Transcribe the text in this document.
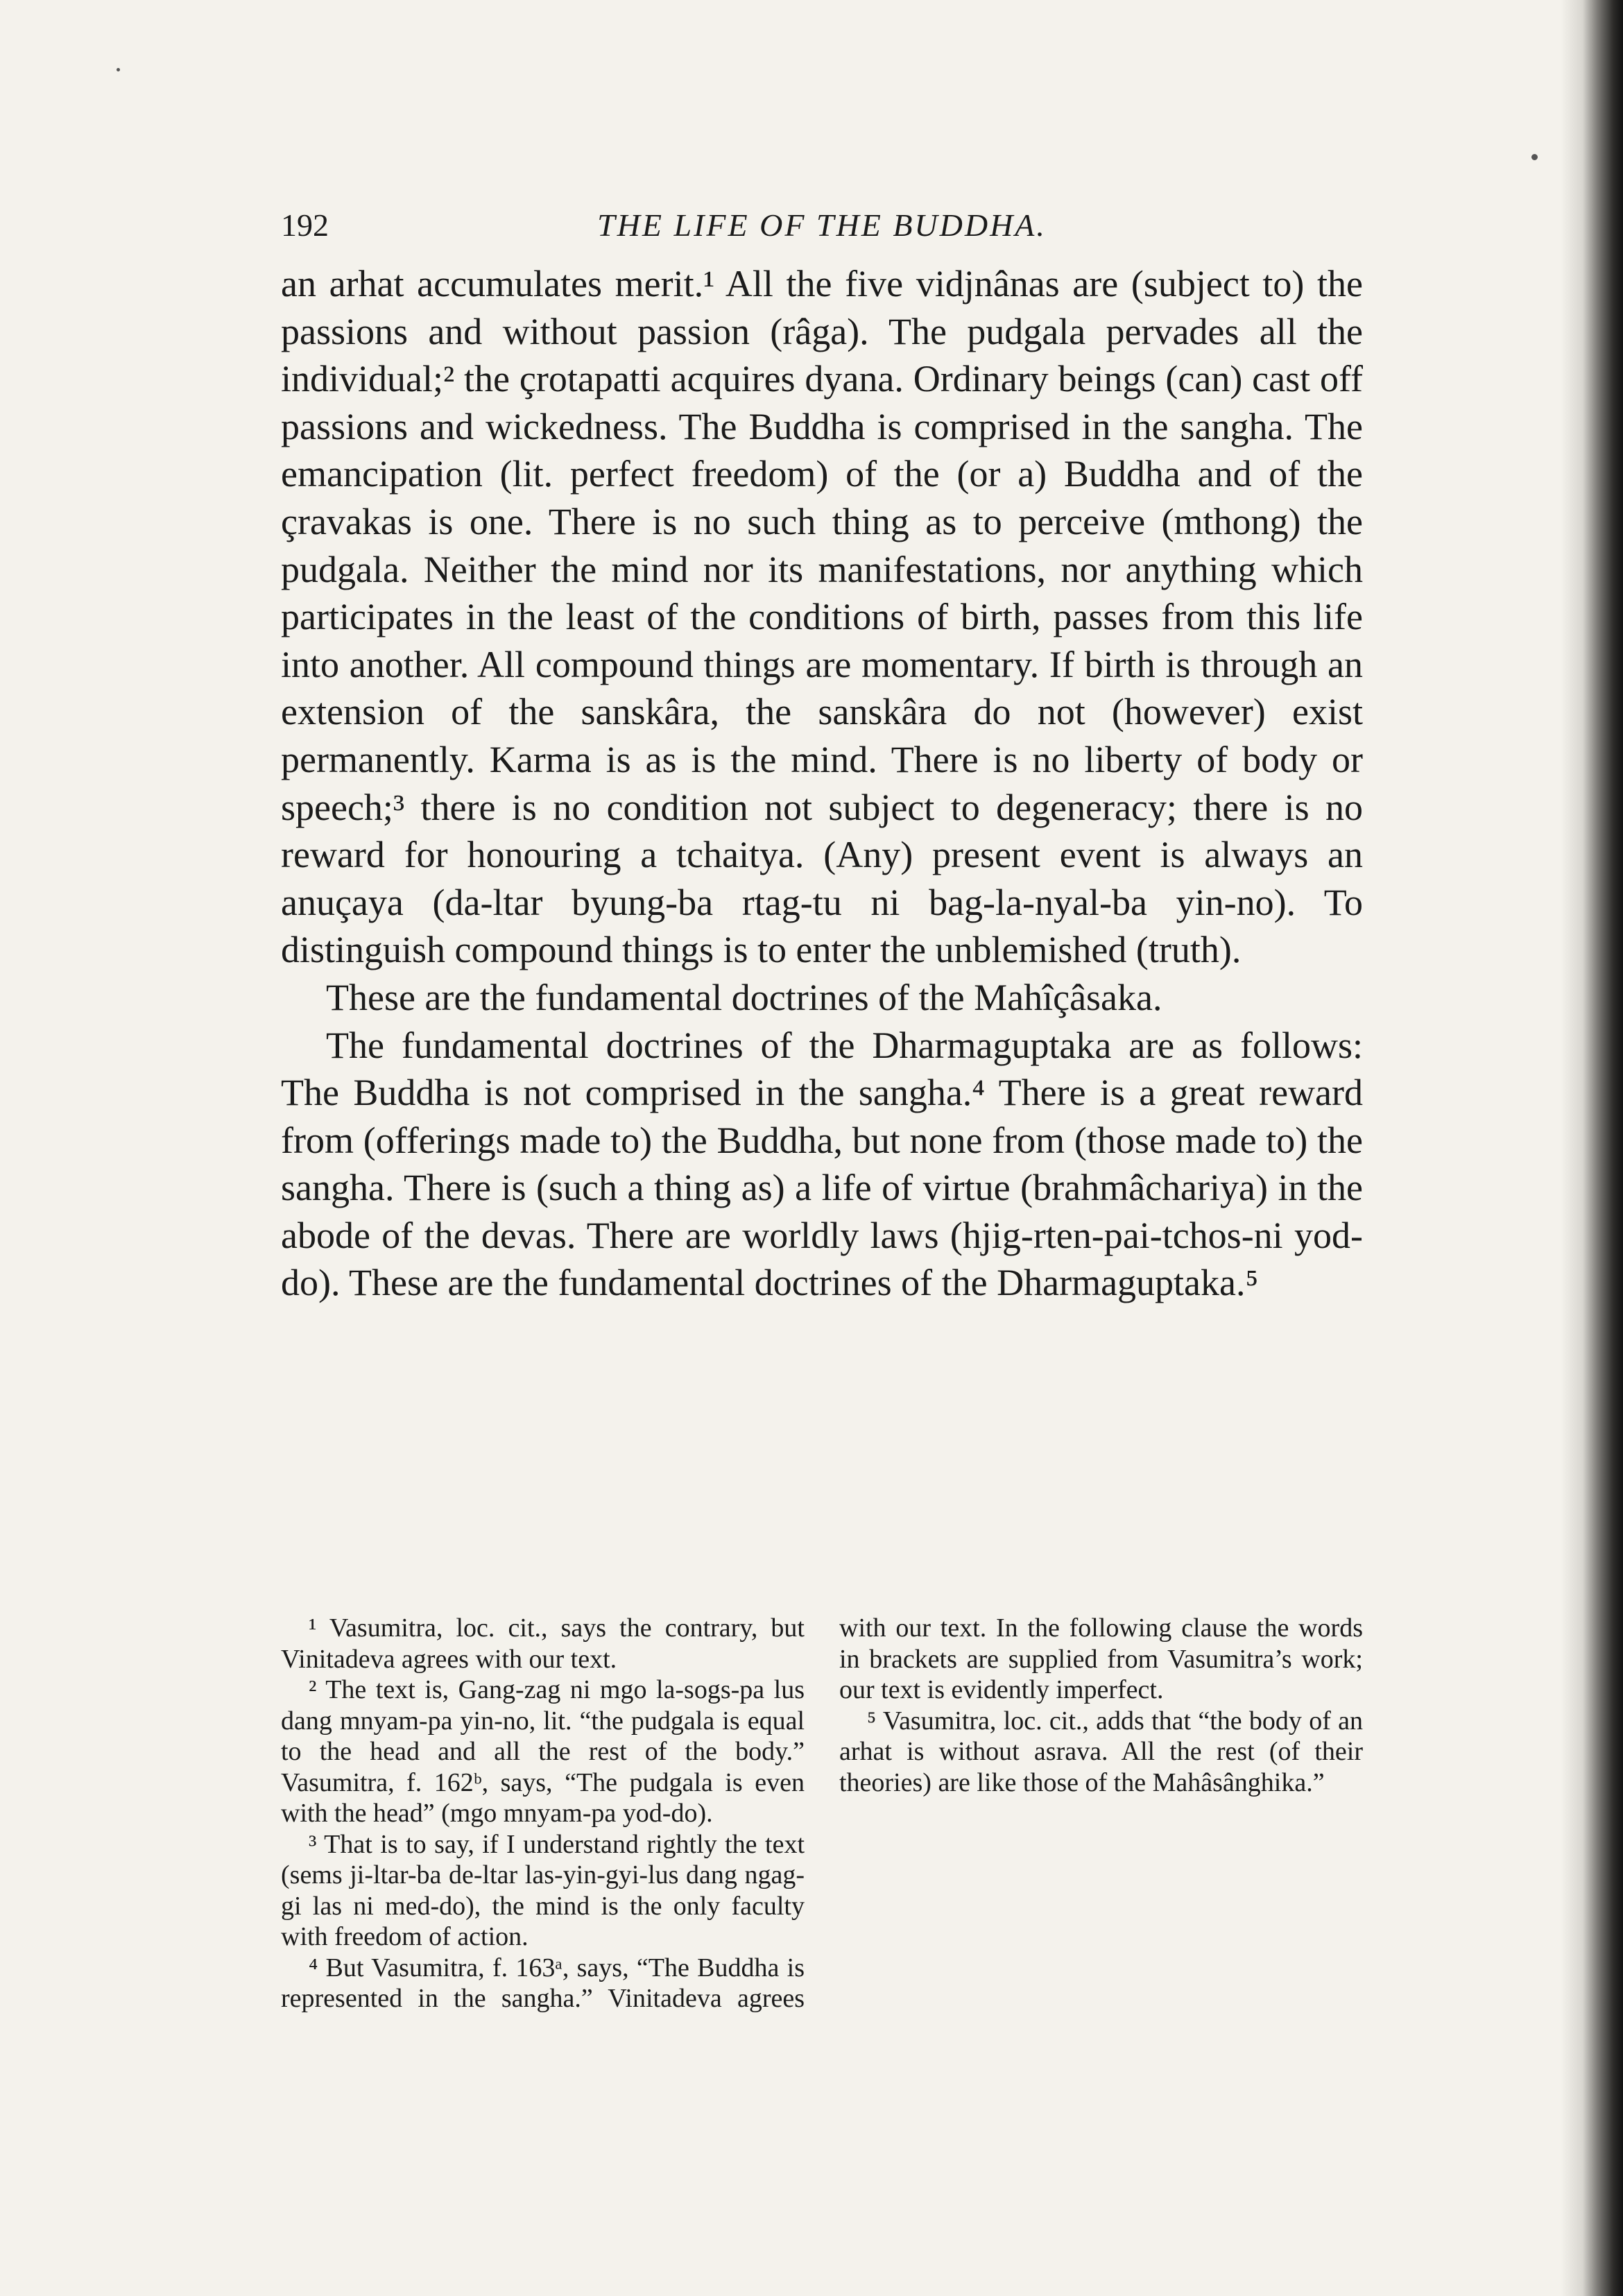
192	THE LIFE OF THE BUDDHA.

an arhat accumulates merit.¹ All the five vidjnânas are (subject to) the passions and without passion (râga). The pudgala pervades all the individual;² the çrotapatti acquires dyana. Ordinary beings (can) cast off passions and wickedness. The Buddha is comprised in the sangha. The emancipation (lit. perfect freedom) of the (or a) Buddha and of the çravakas is one. There is no such thing as to perceive (mthong) the pudgala. Neither the mind nor its manifestations, nor anything which participates in the least of the conditions of birth, passes from this life into another. All compound things are momentary. If birth is through an extension of the sanskâra, the sanskâra do not (however) exist permanently. Karma is as is the mind. There is no liberty of body or speech;³ there is no condition not subject to degeneracy; there is no reward for honouring a tchaitya. (Any) present event is always an anuçaya (da-ltar byung-ba rtag-tu ni bag-la-nyal-ba yin-no). To distinguish compound things is to enter the unblemished (truth).

These are the fundamental doctrines of the Mahîçâsaka.

The fundamental doctrines of the Dharmaguptaka are as follows: The Buddha is not comprised in the sangha.⁴ There is a great reward from (offerings made to) the Buddha, but none from (those made to) the sangha. There is (such a thing as) a life of virtue (brahmâchariya) in the abode of the devas. There are worldly laws (hjig-rten-pai-tchos-ni yod-do). These are the fundamental doctrines of the Dharmaguptaka.⁵

¹ Vasumitra, loc. cit., says the contrary, but Vinitadeva agrees with our text.

² The text is, Gang-zag ni mgo la-sogs-pa lus dang mnyam-pa yin-no, lit. “the pudgala is equal to the head and all the rest of the body.” Vasumitra, f. 162ᵇ, says, “The pudgala is even with the head” (mgo mnyam-pa yod-do).

³ That is to say, if I understand rightly the text (sems ji-ltar-ba de-ltar las-yin-gyi-lus dang ngag-gi las ni med-do), the mind is the only faculty with freedom of action.

⁴ But Vasumitra, f. 163ᵃ, says, “The Buddha is represented in the sangha.” Vinitadeva agrees with our text. In the following clause the words in brackets are supplied from Vasumitra’s work; our text is evidently imperfect.

⁵ Vasumitra, loc. cit., adds that “the body of an arhat is without asrava. All the rest (of their theories) are like those of the Mahâsânghika.”
